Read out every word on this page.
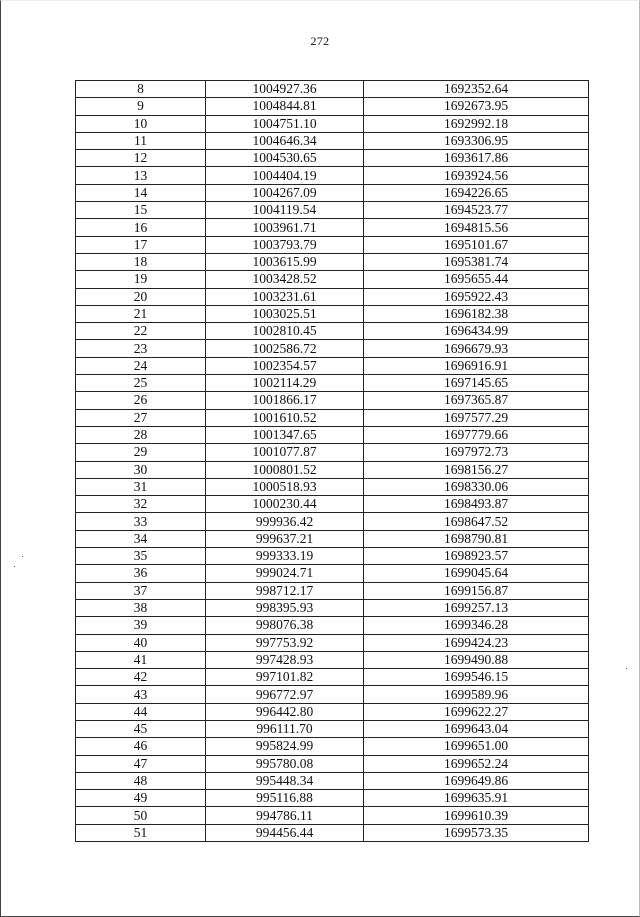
272
8	1004927.36	1692352.64
9	1004844.81	1692673.95
10	1004751.10	1692992.18
11	1004646.34	1693306.95
12	1004530.65	1693617.86
13	1004404.19	1693924.56
14	1004267.09	1694226.65
15	1004119.54	1694523.77
16	1003961.71	1694815.56
17	1003793.79	1695101.67
18	1003615.99	1695381.74
19	1003428.52	1695655.44
20	1003231.61	1695922.43
21	1003025.51	1696182.38
22	1002810.45	1696434.99
23	1002586.72	1696679.93
24	1002354.57	1696916.91
25	1002114.29	1697145.65
26	1001866.17	1697365.87
27	1001610.52	1697577.29
28	1001347.65	1697779.66
29	1001077.87	1697972.73
30	1000801.52	1698156.27
31	1000518.93	1698330.06
32	1000230.44	1698493.87
33	999936.42	1698647.52
34	999637.21	1698790.81
35	999333.19	1698923.57
36	999024.71	1699045.64
37	998712.17	1699156.87
38	998395.93	1699257.13
39	998076.38	1699346.28
40	997753.92	1699424.23
41	997428.93	1699490.88
42	997101.82	1699546.15
43	996772.97	1699589.96
44	996442.80	1699622.27
45	996111.70	1699643.04
46	995824.99	1699651.00
47	995780.08	1699652.24
48	995448.34	1699649.86
49	995116.88	1699635.91
50	994786.11	1699610.39
51	994456.44	1699573.35
